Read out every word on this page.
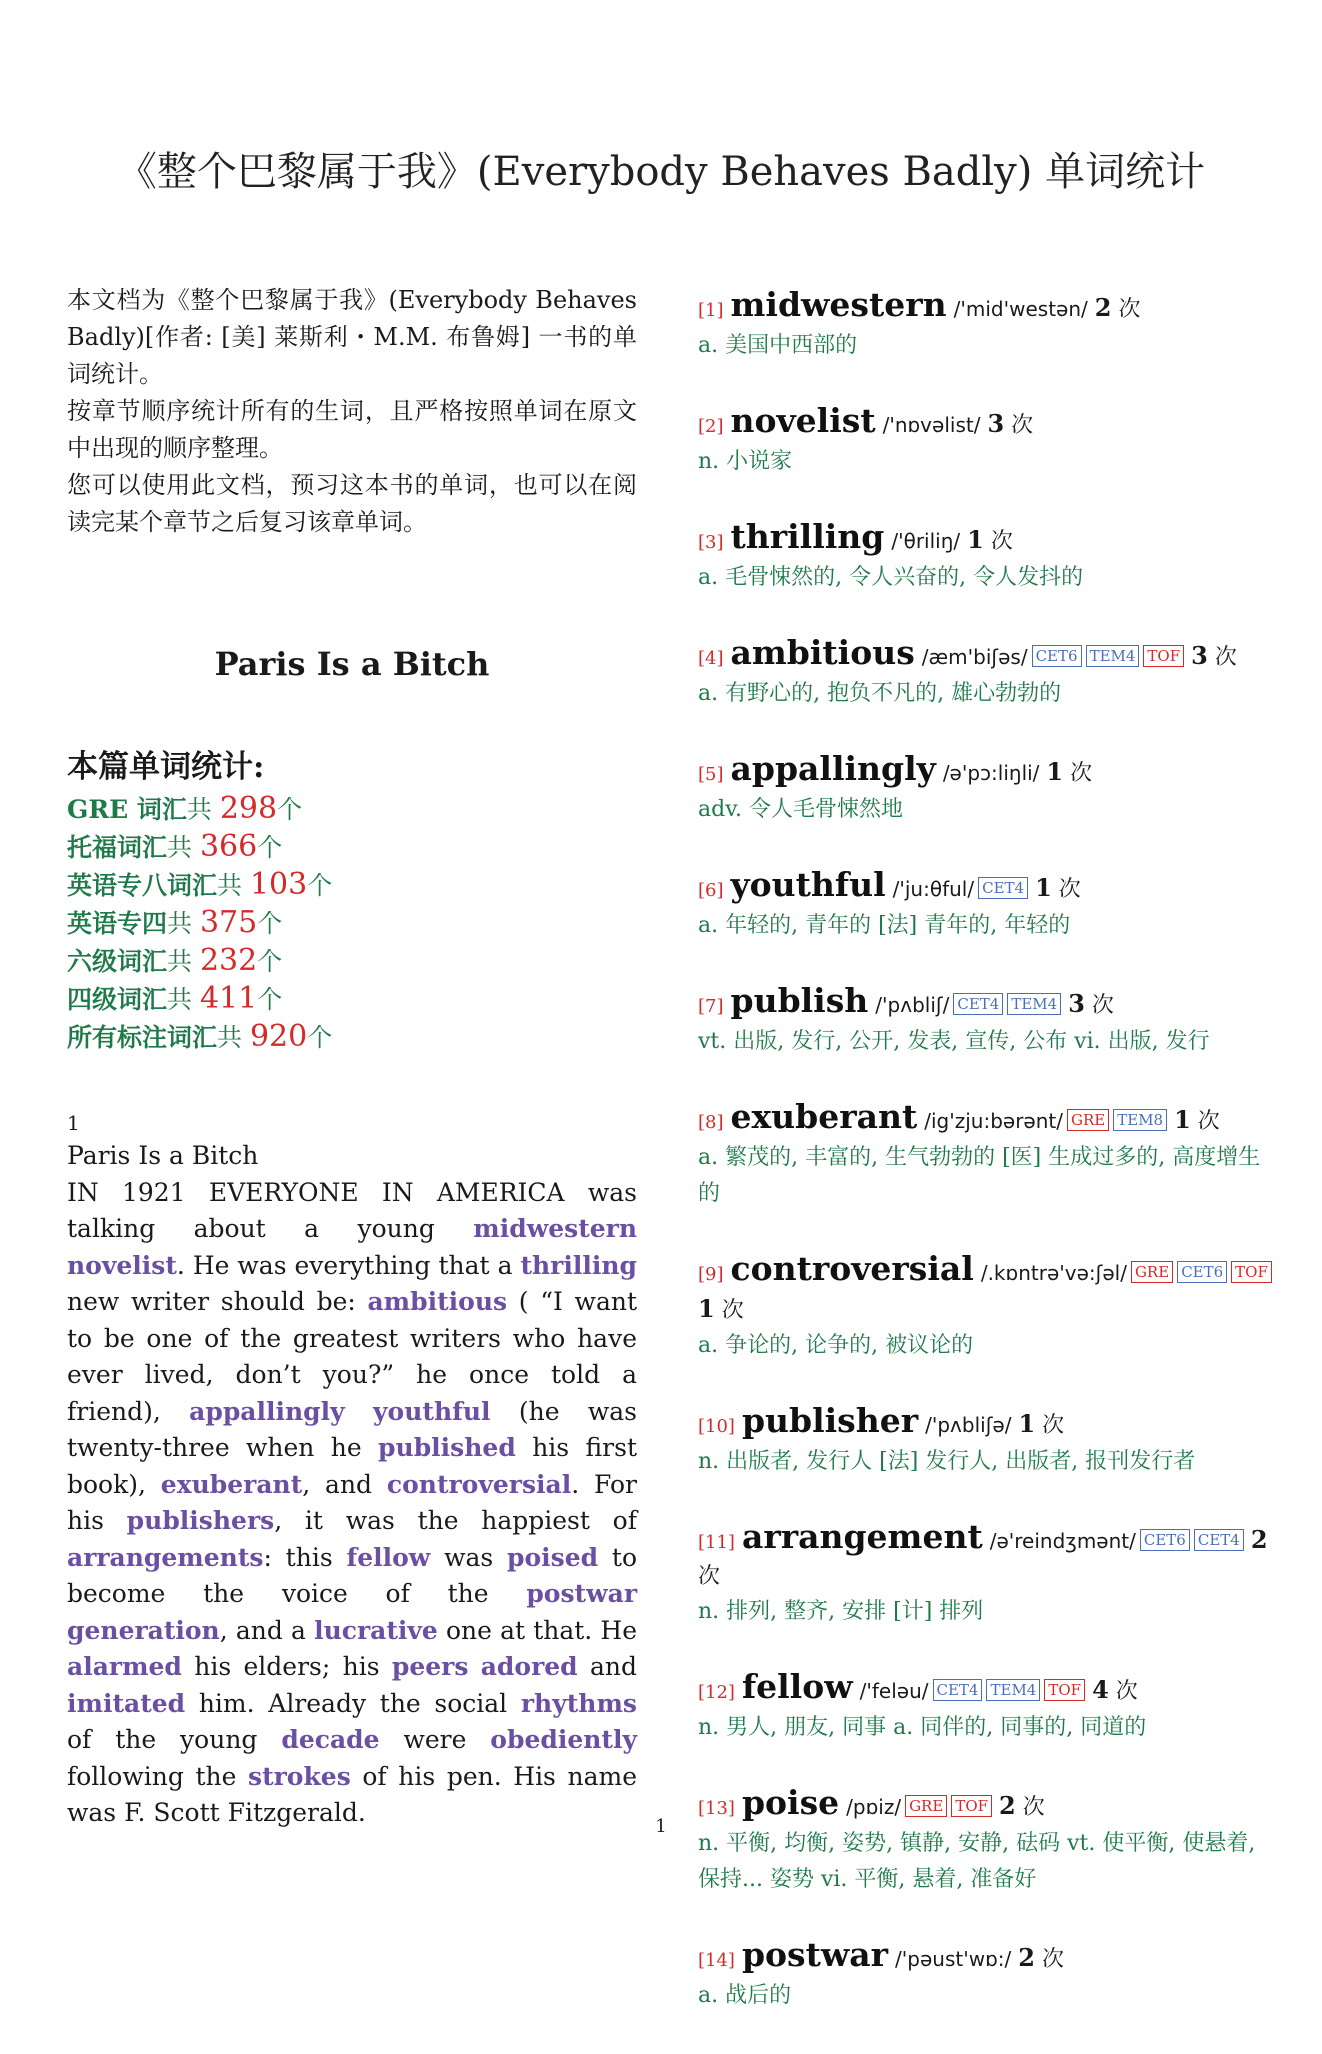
《整个巴黎属于我》(Everybody Behaves Badly) 单词统计

本文档为《整个巴黎属于我》(Everybody Behaves Badly)[作者: [美] 莱斯利・M.M. 布鲁姆] 一书的单词统计。

按章节顺序统计所有的生词，且严格按照单词在原文中出现的顺序整理。

您可以使用此文档，预习这本书的单词，也可以在阅读完某个章节之后复习该章单词。

Paris Is a Bitch
本篇单词统计:
GRE 词汇共 298个
托福词汇共 366个
英语专八词汇共 103个
英语专四共 375个
六级词汇共 232个
四级词汇共 411个
所有标注词汇共 920个
1
Paris Is a Bitch
IN 1921 EVERYONE IN AMERICA was talking about a young midwestern novelist. He was everything that a thrilling new writer should be: ambitious ( “I want to be one of the greatest writers who have ever lived, don’t you?” he once told a friend), appallingly youthful (he was twenty-three when he published his first book), exuberant, and controversial. For his publishers, it was the happiest of arrangements: this fellow was poised to become the voice of the postwar generation, and a lucrative one at that. He alarmed his elders; his peers adored and imitated him. Already the social rhythms of the young decade were obediently following the strokes of his pen. His name was F. Scott Fitzgerald.
[1] midwestern /'mid'westən/ 2 次
a. 美国中西部的
[2] novelist /'nɒvəlist/ 3 次
n. 小说家
[3] thrilling /'θriliŋ/ 1 次
a. 毛骨悚然的, 令人兴奋的, 令人发抖的
[4] ambitious /æm'biʃəs/ CET6 TEM4 TOF 3 次
a. 有野心的, 抱负不凡的, 雄心勃勃的
[5] appallingly /ə'pɔ:liŋli/ 1 次
adv. 令人毛骨悚然地
[6] youthful /'ju:θful/ CET4 1 次
a. 年轻的, 青年的 [法] 青年的, 年轻的
[7] publish /'pʌbliʃ/ CET4 TEM4 3 次
vt. 出版, 发行, 公开, 发表, 宣传, 公布 vi. 出版, 发行
[8] exuberant /ig'zju:bərənt/ GRE TEM8 1 次
a. 繁茂的, 丰富的, 生气勃勃的 [医] 生成过多的, 高度增生的
[9] controversial /.kɒntrə'və:ʃəl/ GRE CET6 TOF 1 次
a. 争论的, 论争的, 被议论的
[10] publisher /'pʌbliʃə/ 1 次
n. 出版者, 发行人 [法] 发行人, 出版者, 报刊发行者
[11] arrangement /ə'reindʒmənt/ CET6 CET4 2 次
n. 排列, 整齐, 安排 [计] 排列
[12] fellow /'feləu/ CET4 TEM4 TOF 4 次
n. 男人, 朋友, 同事 a. 同伴的, 同事的, 同道的
[13] poise /pɒiz/ GRE TOF 2 次
n. 平衡, 均衡, 姿势, 镇静, 安静, 砝码 vt. 使平衡, 使悬着, 保持... 姿势 vi. 平衡, 悬着, 准备好
[14] postwar /'pəust'wɒ:/ 2 次
a. 战后的
1
